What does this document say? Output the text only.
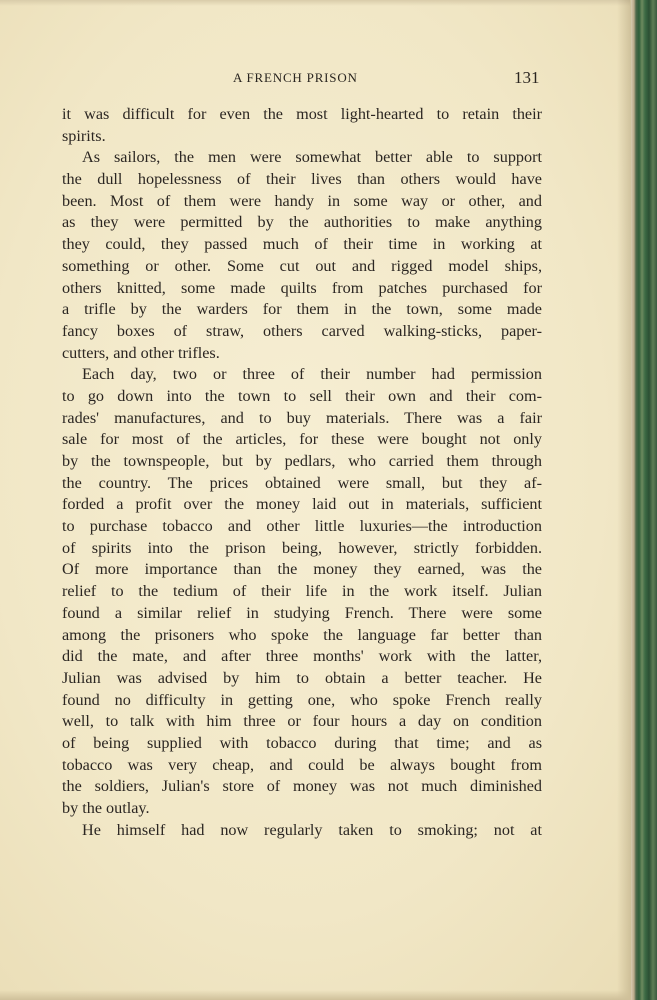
A FRENCH PRISON	131
it was difficult for even the most light-hearted to retain their
spirits.
As sailors, the men were somewhat better able to support
the dull hopelessness of their lives than others would have
been. Most of them were handy in some way or other, and
as they were permitted by the authorities to make anything
they could, they passed much of their time in working at
something or other. Some cut out and rigged model ships,
others knitted, some made quilts from patches purchased for
a trifle by the warders for them in the town, some made
fancy boxes of straw, others carved walking-sticks, paper-
cutters, and other trifles.
Each day, two or three of their number had permission
to go down into the town to sell their own and their com-
rades' manufactures, and to buy materials. There was a fair
sale for most of the articles, for these were bought not only
by the townspeople, but by pedlars, who carried them through
the country. The prices obtained were small, but they af-
forded a profit over the money laid out in materials, sufficient
to purchase tobacco and other little luxuries—the introduction
of spirits into the prison being, however, strictly forbidden.
Of more importance than the money they earned, was the
relief to the tedium of their life in the work itself. Julian
found a similar relief in studying French. There were some
among the prisoners who spoke the language far better than
did the mate, and after three months' work with the latter,
Julian was advised by him to obtain a better teacher. He
found no difficulty in getting one, who spoke French really
well, to talk with him three or four hours a day on condition
of being supplied with tobacco during that time; and as
tobacco was very cheap, and could be always bought from
the soldiers, Julian's store of money was not much diminished
by the outlay.
He himself had now regularly taken to smoking; not at
